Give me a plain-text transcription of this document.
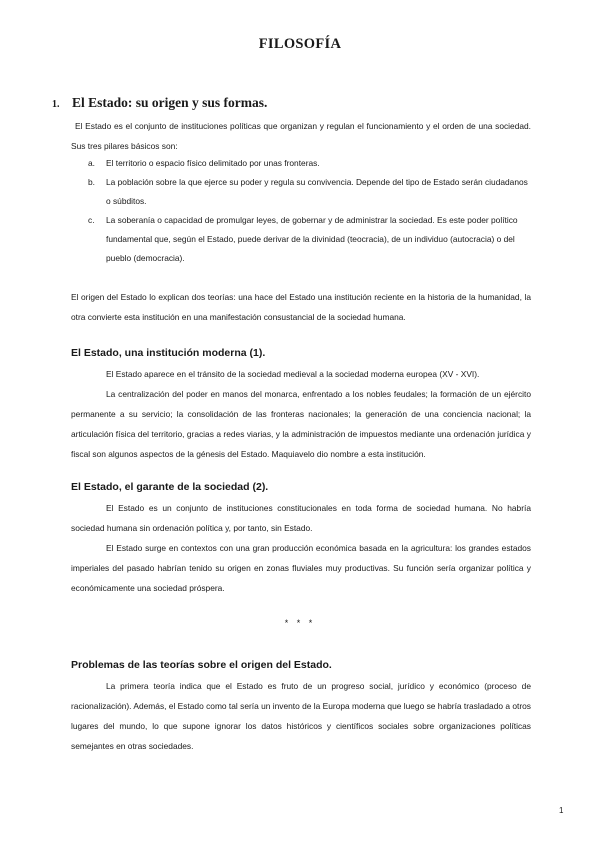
FILOSOFÍA
1. El Estado: su origen y sus formas.

El Estado es el conjunto de instituciones políticas que organizan y regulan el funcionamiento y el orden de una sociedad. Sus tres pilares básicos son:

a. El territorio o espacio físico delimitado por unas fronteras.
b. La población sobre la que ejerce su poder y regula su convivencia. Depende del tipo de Estado serán ciudadanos o súbditos.
c. La soberanía o capacidad de promulgar leyes, de gobernar y de administrar la sociedad. Es este poder político fundamental que, según el Estado, puede derivar de la divinidad (teocracia), de un individuo (autocracia) o del pueblo (democracia).

El origen del Estado lo explican dos teorías: una hace del Estado una institución reciente en la historia de la humanidad, la otra convierte esta institución en una manifestación consustancial de la sociedad humana.

El Estado, una institución moderna (1).

El Estado aparece en el tránsito de la sociedad medieval a la sociedad moderna europea (XV - XVI).

La centralización del poder en manos del monarca, enfrentado a los nobles feudales; la formación de un ejército permanente a su servicio; la consolidación de las fronteras nacionales; la generación de una conciencia nacional; la articulación física del territorio, gracias a redes viarias, y la administración de impuestos mediante una ordenación jurídica y fiscal son algunos aspectos de la génesis del Estado. Maquiavelo dio nombre a esta institución.

El Estado, el garante de la sociedad (2).

El Estado es un conjunto de instituciones constitucionales en toda forma de sociedad humana. No habría sociedad humana sin ordenación política y, por tanto, sin Estado.

El Estado surge en contextos con una gran producción económica basada en la agricultura: los grandes estados imperiales del pasado habrían tenido su origen en zonas fluviales muy productivas. Su función sería organizar política y económicamente una sociedad próspera.

* * *
Problemas de las teorías sobre el origen del Estado.

La primera teoría indica que el Estado es fruto de un progreso social, jurídico y económico (proceso de racionalización). Además, el Estado como tal sería un invento de la Europa moderna que luego se habría trasladado a otros lugares del mundo, lo que supone ignorar los datos históricos y científicos sociales sobre organizaciones políticas semejantes en otras sociedades.

1
